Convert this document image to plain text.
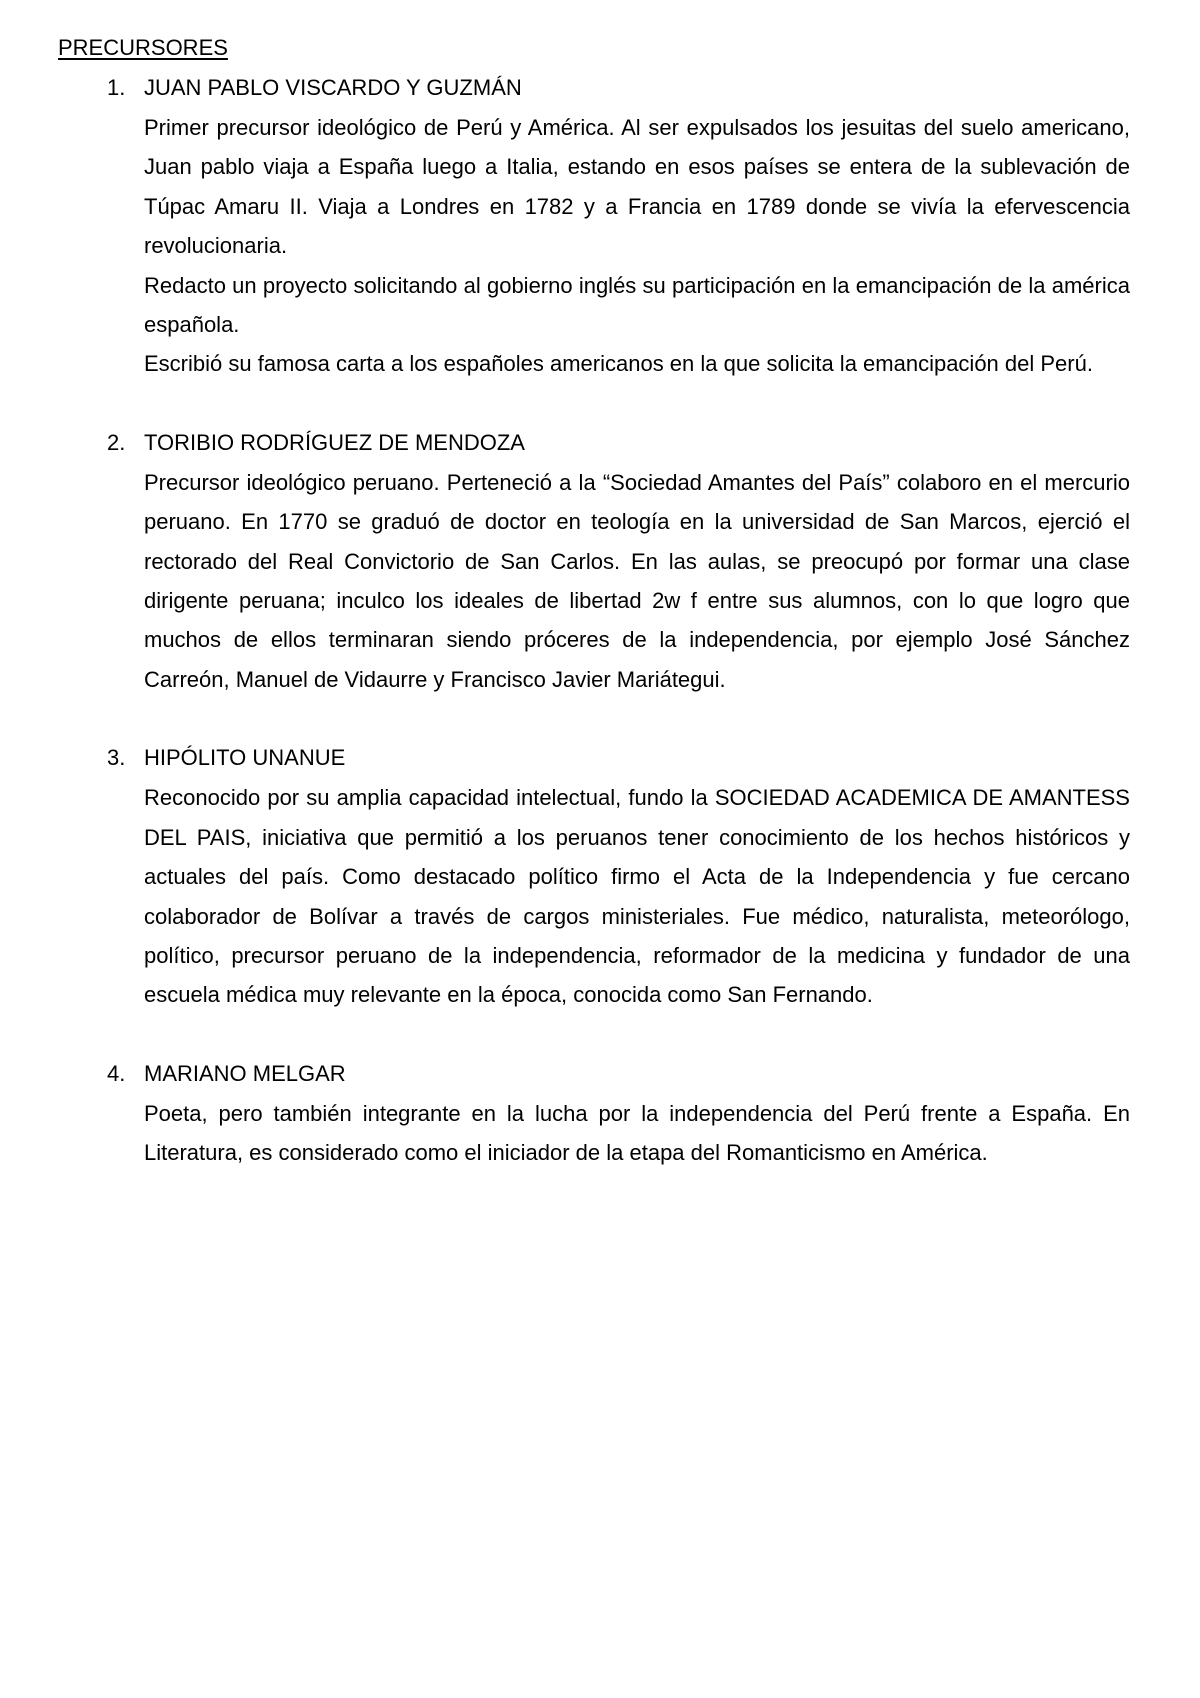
PRECURSORES
1. JUAN PABLO VISCARDO Y GUZMÁN

Primer precursor ideológico de Perú y América. Al ser expulsados los jesuitas del suelo americano, Juan pablo viaja a España luego a Italia, estando en esos países se entera de la sublevación de Túpac Amaru II. Viaja a Londres en 1782 y a Francia en 1789 donde se vivía la efervescencia revolucionaria.

Redacto un proyecto solicitando al gobierno inglés su participación en la emancipación de la américa española.

Escribió su famosa carta a los españoles americanos en la que solicita la emancipación del Perú.

2. TORIBIO RODRÍGUEZ DE MENDOZA

Precursor ideológico peruano. Perteneció a la “Sociedad Amantes del País” colaboro en el mercurio peruano. En 1770 se graduó de doctor en teología en la universidad de San Marcos, ejerció el rectorado del Real Convictorio de San Carlos. En las aulas, se preocupó por formar una clase dirigente peruana; inculco los ideales de libertad 2w f entre sus alumnos, con lo que logro que muchos de ellos terminaran siendo próceres de la independencia, por ejemplo José Sánchez Carreón, Manuel de Vidaurre y Francisco Javier Mariátegui.

3. HIPÓLITO UNANUE

Reconocido por su amplia capacidad intelectual, fundo la SOCIEDAD ACADEMICA DE AMANTESS DEL PAIS, iniciativa que permitió a los peruanos tener conocimiento de los hechos históricos y actuales del país. Como destacado político firmo el Acta de la Independencia y fue cercano colaborador de Bolívar a través de cargos ministeriales. Fue médico, naturalista, meteorólogo, político, precursor peruano de la independencia, reformador de la medicina y fundador de una escuela médica muy relevante en la época, conocida como San Fernando.

4. MARIANO MELGAR

Poeta, pero también integrante en la lucha por la independencia del Perú frente a España. En Literatura, es considerado como el iniciador de la etapa del Romanticismo en América.
